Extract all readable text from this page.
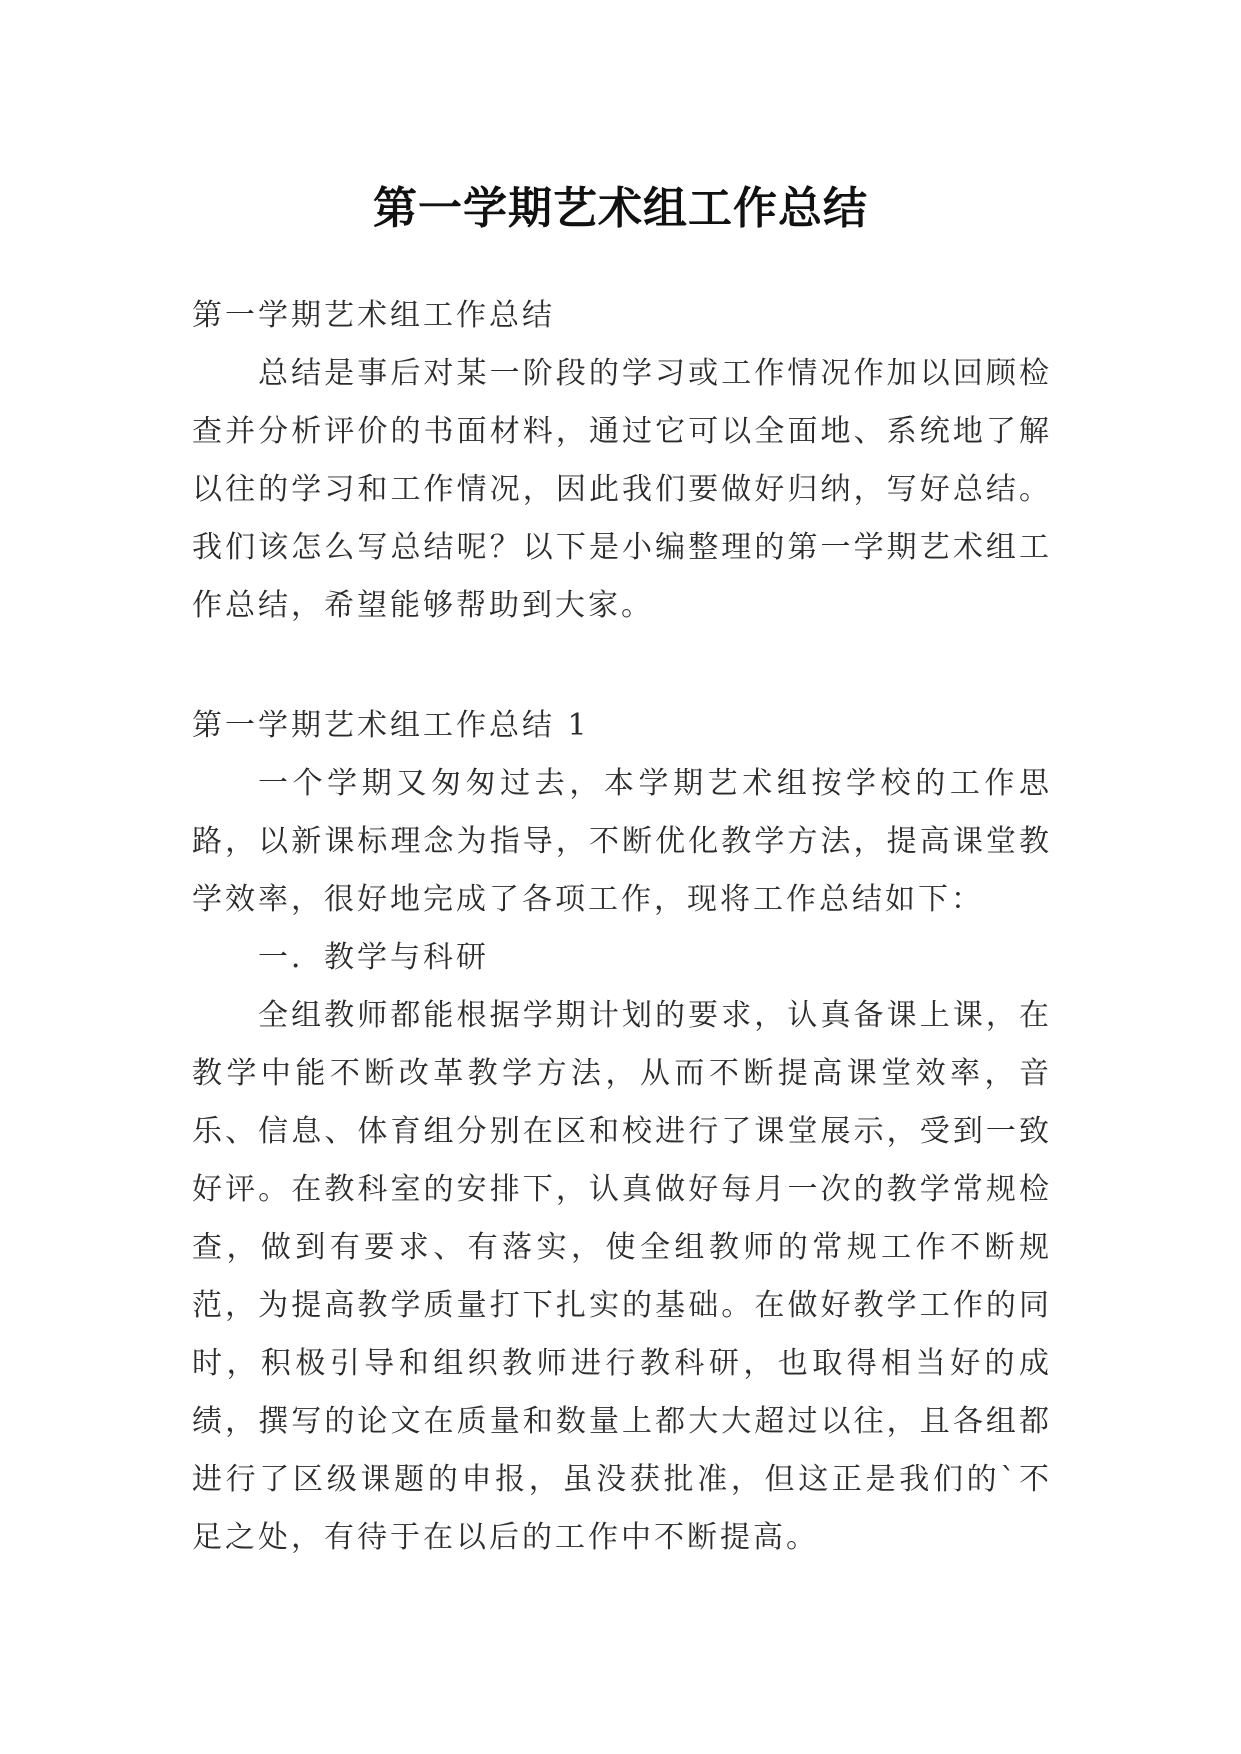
第一学期艺术组工作总结

第一学期艺术组工作总结

总结是事后对某一阶段的学习或工作情况作加以回顾检查并分析评价的书面材料，通过它可以全面地、系统地了解以往的学习和工作情况，因此我们要做好归纳，写好总结。我们该怎么写总结呢？以下是小编整理的第一学期艺术组工作总结，希望能够帮助到大家。

第一学期艺术组工作总结 1

一个学期又匆匆过去，本学期艺术组按学校的工作思路，以新课标理念为指导，不断优化教学方法，提高课堂教学效率，很好地完成了各项工作，现将工作总结如下：

一．教学与科研

全组教师都能根据学期计划的要求，认真备课上课，在教学中能不断改革教学方法，从而不断提高课堂效率，音乐、信息、体育组分别在区和校进行了课堂展示，受到一致好评。在教科室的安排下，认真做好每月一次的教学常规检查，做到有要求、有落实，使全组教师的常规工作不断规范，为提高教学质量打下扎实的基础。在做好教学工作的同时，积极引导和组织教师进行教科研，也取得相当好的成绩，撰写的论文在质量和数量上都大大超过以往，且各组都进行了区级课题的申报，虽没获批准，但这正是我们的`不足之处，有待于在以后的工作中不断提高。
